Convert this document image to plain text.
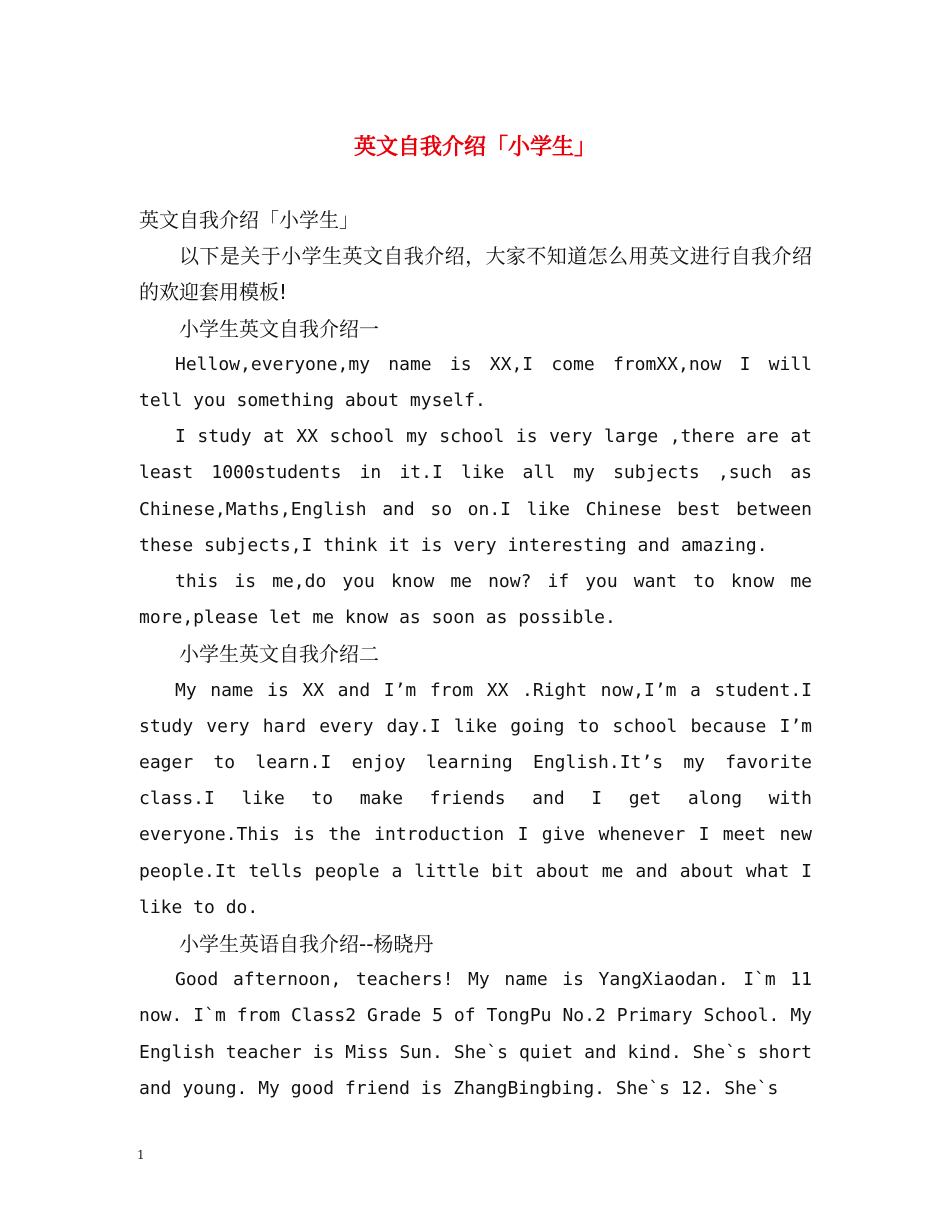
英文自我介绍「小学生」

英文自我介绍「小学生」

以下是关于小学生英文自我介绍，大家不知道怎么用英文进行自我介绍的欢迎套用模板!

小学生英文自我介绍一

Hellow,everyone,my name is XX,I come fromXX,now I will tell you something about myself.

I study at XX school my school is very large ,there are at least 1000students in it.I like all my subjects ,such as Chinese,Maths,English and so on.I like Chinese best between these subjects,I think it is very interesting and amazing.

this is me,do you know me now? if you want to know me more,please let me know as soon as possible.

小学生英文自我介绍二

My name is XX and I’m from XX .Right now,I’m a student.I study very hard every day.I like going to school because I’m eager to learn.I enjoy learning English.It’s my favorite class.I like to make friends and I get along with everyone.This is the introduction I give whenever I meet new people.It tells people a little bit about me and about what I like to do.

小学生英语自我介绍--杨晓丹

Good afternoon, teachers! My name is YangXiaodan. I`m 11 now. I`m from Class2 Grade 5 of TongPu No.2 Primary School. My English teacher is Miss Sun. She`s quiet and kind. She`s short and young. My good friend is ZhangBingbing. She`s 12. She`s

1
